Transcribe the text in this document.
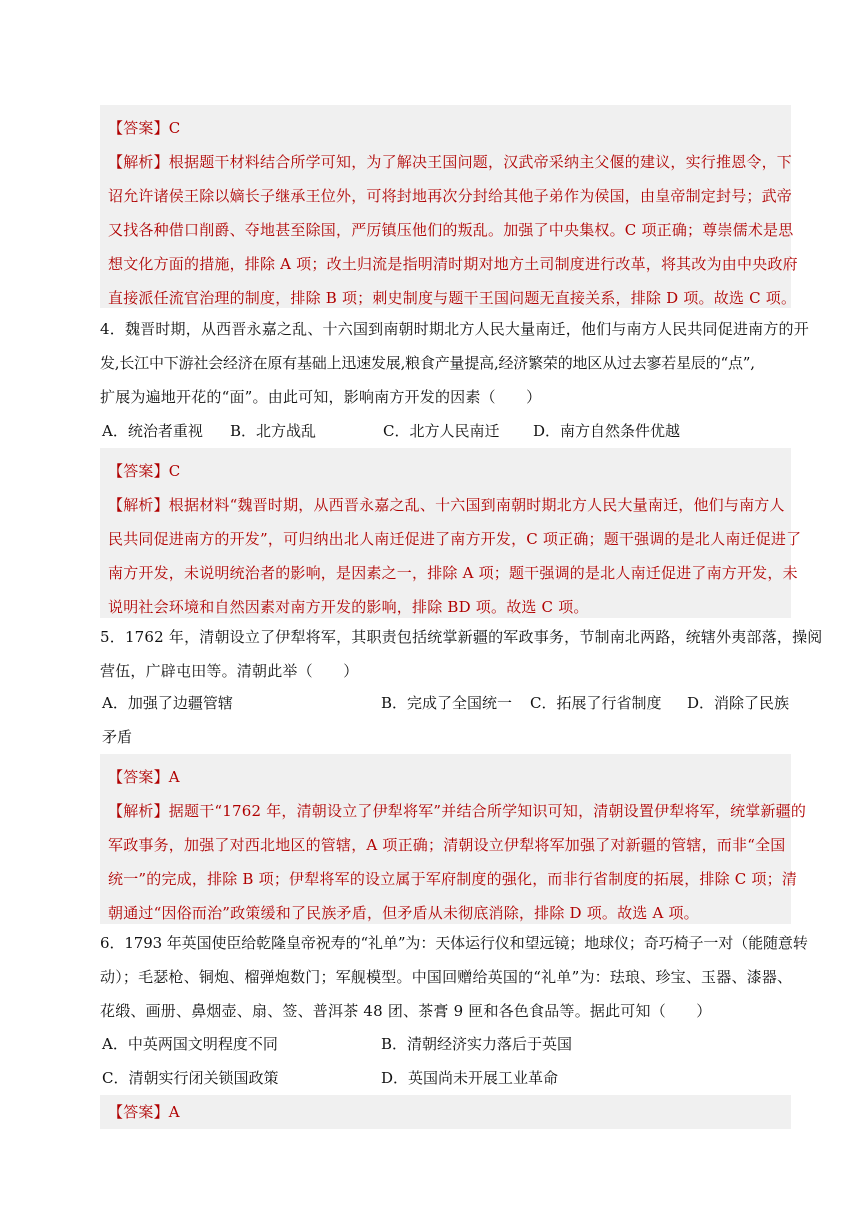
【答案】C
【解析】根据题干材料结合所学可知，为了解决王国问题，汉武帝采纳主父偃的建议，实行推恩令，下
诏允许诸侯王除以嫡长子继承王位外，可将封地再次分封给其他子弟作为侯国，由皇帝制定封号；武帝
又找各种借口削爵、夺地甚至除国，严厉镇压他们的叛乱。加强了中央集权。C 项正确；尊崇儒术是思
想文化方面的措施，排除 A 项；改土归流是指明清时期对地方土司制度进行改革，将其改为由中央政府
直接派任流官治理的制度，排除 B 项；刺史制度与题干王国问题无直接关系，排除 D 项。故选 C 项。
4．魏晋时期，从西晋永嘉之乱、十六国到南朝时期北方人民大量南迁，他们与南方人民共同促进南方的开
发,长江中下游社会经济在原有基础上迅速发展,粮食产量提高,经济繁荣的地区从过去寥若星辰的“点”,
扩展为遍地开花的“面”。由此可知，影响南方开发的因素（　　）
A．统治者重视 B．北方战乱	C．北方人民南迁 D．南方自然条件优越
【答案】C
【解析】根据材料“魏晋时期，从西晋永嘉之乱、十六国到南朝时期北方人民大量南迁，他们与南方人
民共同促进南方的开发”，可归纳出北人南迁促进了南方开发，C 项正确；题干强调的是北人南迁促进了
南方开发，未说明统治者的影响，是因素之一，排除 A 项；题干强调的是北人南迁促进了南方开发，未
说明社会环境和自然因素对南方开发的影响，排除 BD 项。故选 C 项。
5．1762 年，清朝设立了伊犁将军，其职责包括统掌新疆的军政事务，节制南北两路，统辖外夷部落，操阅
营伍，广辟屯田等。清朝此举（　　）
A．加强了边疆管辖	B．完成了全国统一 C．拓展了行省制度 D．消除了民族
矛盾
【答案】A
【解析】据题干“1762 年，清朝设立了伊犁将军”并结合所学知识可知，清朝设置伊犁将军，统掌新疆的
军政事务，加强了对西北地区的管辖，A 项正确；清朝设立伊犁将军加强了对新疆的管辖，而非“全国
统一”的完成，排除 B 项；伊犁将军的设立属于军府制度的强化，而非行省制度的拓展，排除 C 项；清
朝通过“因俗而治”政策缓和了民族矛盾，但矛盾从未彻底消除，排除 D 项。故选 A 项。
6．1793 年英国使臣给乾隆皇帝祝寿的“礼单”为：天体运行仪和望远镜；地球仪；奇巧椅子一对（能随意转
动）；毛瑟枪、铜炮、榴弹炮数门；军舰模型。中国回赠给英国的“礼单”为：珐琅、珍宝、玉器、漆器、
花缎、画册、鼻烟壶、扇、签、普洱茶 48 团、茶膏 9 匣和各色食品等。据此可知（　　）
A．中英两国文明程度不同	B．清朝经济实力落后于英国
C．清朝实行闭关锁国政策	D．英国尚未开展工业革命
【答案】A
